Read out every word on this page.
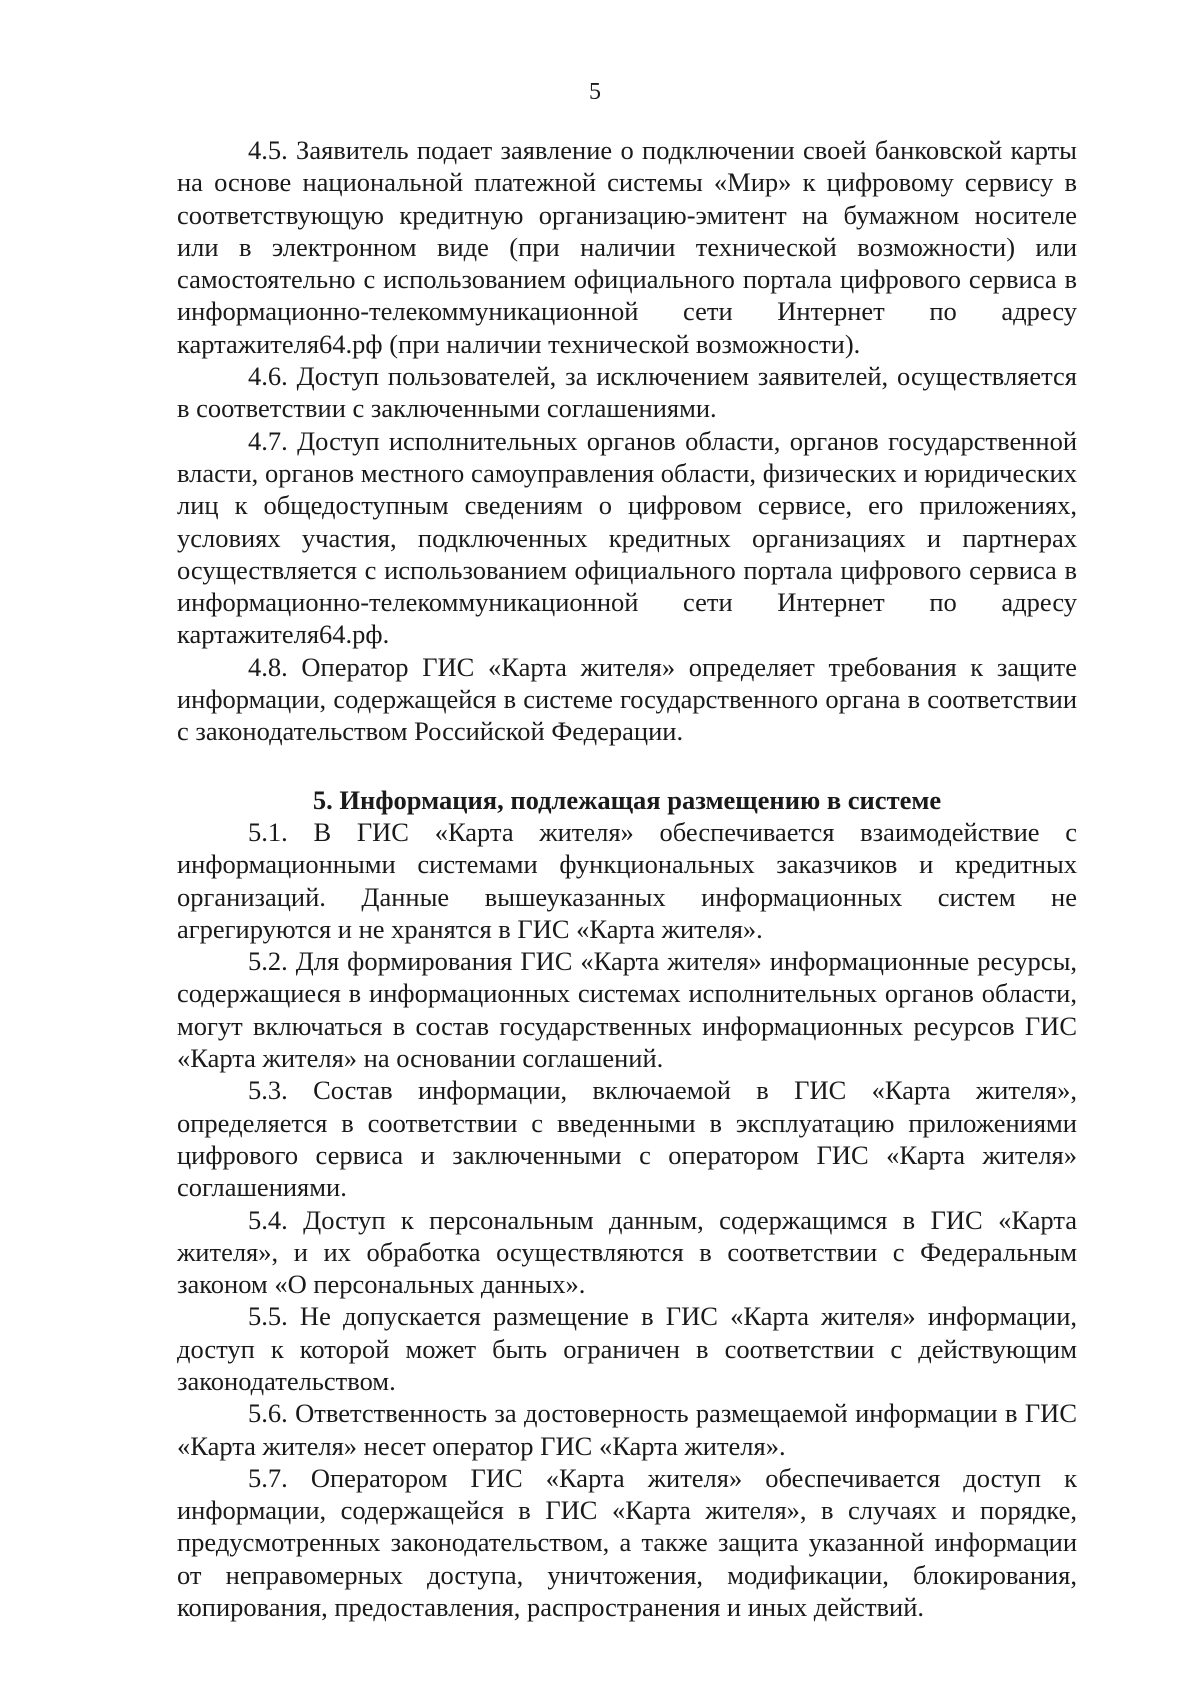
5

4.5. Заявитель подает заявление о подключении своей банковской карты на основе национальной платежной системы «Мир» к цифровому сервису в соответствующую кредитную организацию-эмитент на бумажном носителе или в электронном виде (при наличии технической возможности) или самостоятельно с использованием официального портала цифрового сервиса в информационно-телекоммуникационной сети Интернет по адресу картажителя64.рф (при наличии технической возможности).

4.6. Доступ пользователей, за исключением заявителей, осуществляется в соответствии с заключенными соглашениями.

4.7. Доступ исполнительных органов области, органов государственной власти, органов местного самоуправления области, физических и юридических лиц к общедоступным сведениям о цифровом сервисе, его приложениях, условиях участия, подключенных кредитных организациях и партнерах осуществляется с использованием официального портала цифрового сервиса в информационно-телекоммуникационной сети Интернет по адресу картажителя64.рф.

4.8. Оператор ГИС «Карта жителя» определяет требования к защите информации, содержащейся в системе государственного органа в соответствии с законодательством Российской Федерации.

5. Информация, подлежащая размещению в системе

5.1. В ГИС «Карта жителя» обеспечивается взаимодействие с информационными системами функциональных заказчиков и кредитных организаций. Данные вышеуказанных информационных систем не агрегируются и не хранятся в ГИС «Карта жителя».

5.2. Для формирования ГИС «Карта жителя» информационные ресурсы, содержащиеся в информационных системах исполнительных органов области, могут включаться в состав государственных информационных ресурсов ГИС «Карта жителя» на основании соглашений.

5.3. Состав информации, включаемой в ГИС «Карта жителя», определяется в соответствии с введенными в эксплуатацию приложениями цифрового сервиса и заключенными с оператором ГИС «Карта жителя» соглашениями.

5.4. Доступ к персональным данным, содержащимся в ГИС «Карта жителя», и их обработка осуществляются в соответствии с Федеральным законом «О персональных данных».

5.5. Не допускается размещение в ГИС «Карта жителя» информации, доступ к которой может быть ограничен в соответствии с действующим законодательством.

5.6. Ответственность за достоверность размещаемой информации в ГИС «Карта жителя» несет оператор ГИС «Карта жителя».

5.7. Оператором ГИС «Карта жителя» обеспечивается доступ к информации, содержащейся в ГИС «Карта жителя», в случаях и порядке, предусмотренных законодательством, а также защита указанной информации от неправомерных доступа, уничтожения, модификации, блокирования, копирования, предоставления, распространения и иных действий.
